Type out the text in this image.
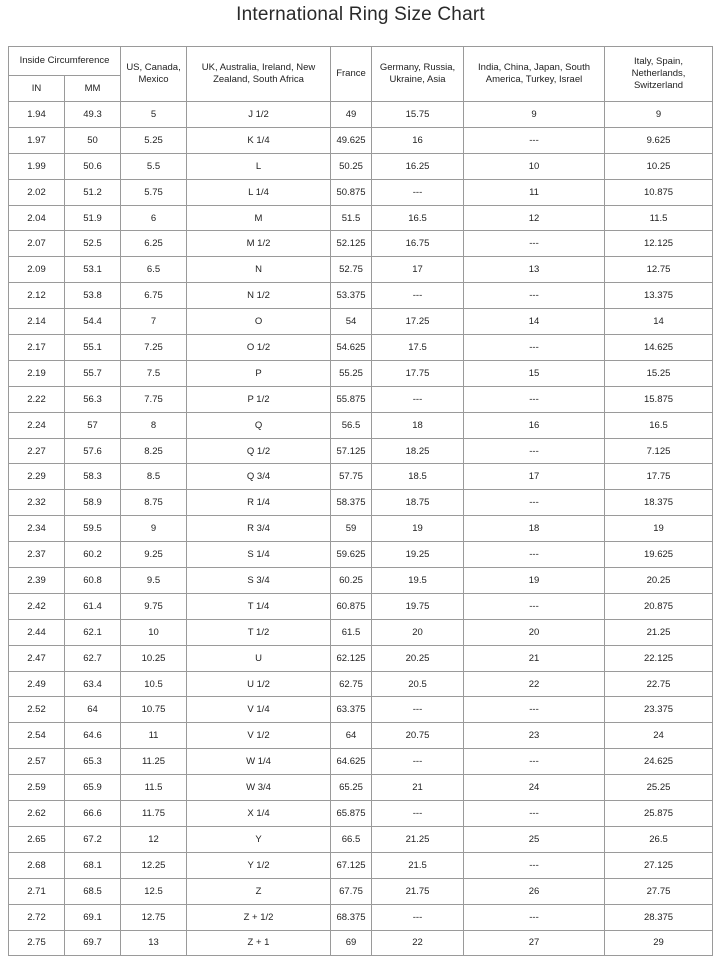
International Ring Size Chart
Inside Circumference		US, Canada, Mexico	UK, Australia, Ireland, New Zealand, South Africa	France	Germany, Russia, Ukraine, Asia	India, China, Japan, South America, Turkey, Israel	Italy, Spain, Netherlands, Switzerland
IN	MM						
1.94	49.3	5	J 1/2	49	15.75	9	9
1.97	50	5.25	K 1/4	49.625	16	---	9.625
1.99	50.6	5.5	L	50.25	16.25	10	10.25
2.02	51.2	5.75	L 1/4	50.875	---	11	10.875
2.04	51.9	6	M	51.5	16.5	12	11.5
2.07	52.5	6.25	M 1/2	52.125	16.75	---	12.125
2.09	53.1	6.5	N	52.75	17	13	12.75
2.12	53.8	6.75	N 1/2	53.375	---	---	13.375
2.14	54.4	7	O	54	17.25	14	14
2.17	55.1	7.25	O 1/2	54.625	17.5	---	14.625
2.19	55.7	7.5	P	55.25	17.75	15	15.25
2.22	56.3	7.75	P 1/2	55.875	---	---	15.875
2.24	57	8	Q	56.5	18	16	16.5
2.27	57.6	8.25	Q 1/2	57.125	18.25	---	7.125
2.29	58.3	8.5	Q 3/4	57.75	18.5	17	17.75
2.32	58.9	8.75	R 1/4	58.375	18.75	---	18.375
2.34	59.5	9	R 3/4	59	19	18	19
2.37	60.2	9.25	S 1/4	59.625	19.25	---	19.625
2.39	60.8	9.5	S 3/4	60.25	19.5	19	20.25
2.42	61.4	9.75	T 1/4	60.875	19.75	---	20.875
2.44	62.1	10	T 1/2	61.5	20	20	21.25
2.47	62.7	10.25	U	62.125	20.25	21	22.125
2.49	63.4	10.5	U 1/2	62.75	20.5	22	22.75
2.52	64	10.75	V 1/4	63.375	---	---	23.375
2.54	64.6	11	V 1/2	64	20.75	23	24
2.57	65.3	11.25	W 1/4	64.625	---	---	24.625
2.59	65.9	11.5	W 3/4	65.25	21	24	25.25
2.62	66.6	11.75	X 1/4	65.875	---	---	25.875
2.65	67.2	12	Y	66.5	21.25	25	26.5
2.68	68.1	12.25	Y 1/2	67.125	21.5	---	27.125
2.71	68.5	12.5	Z	67.75	21.75	26	27.75
2.72	69.1	12.75	Z + 1/2	68.375	---	---	28.375
2.75	69.7	13	Z + 1	69	22	27	29
